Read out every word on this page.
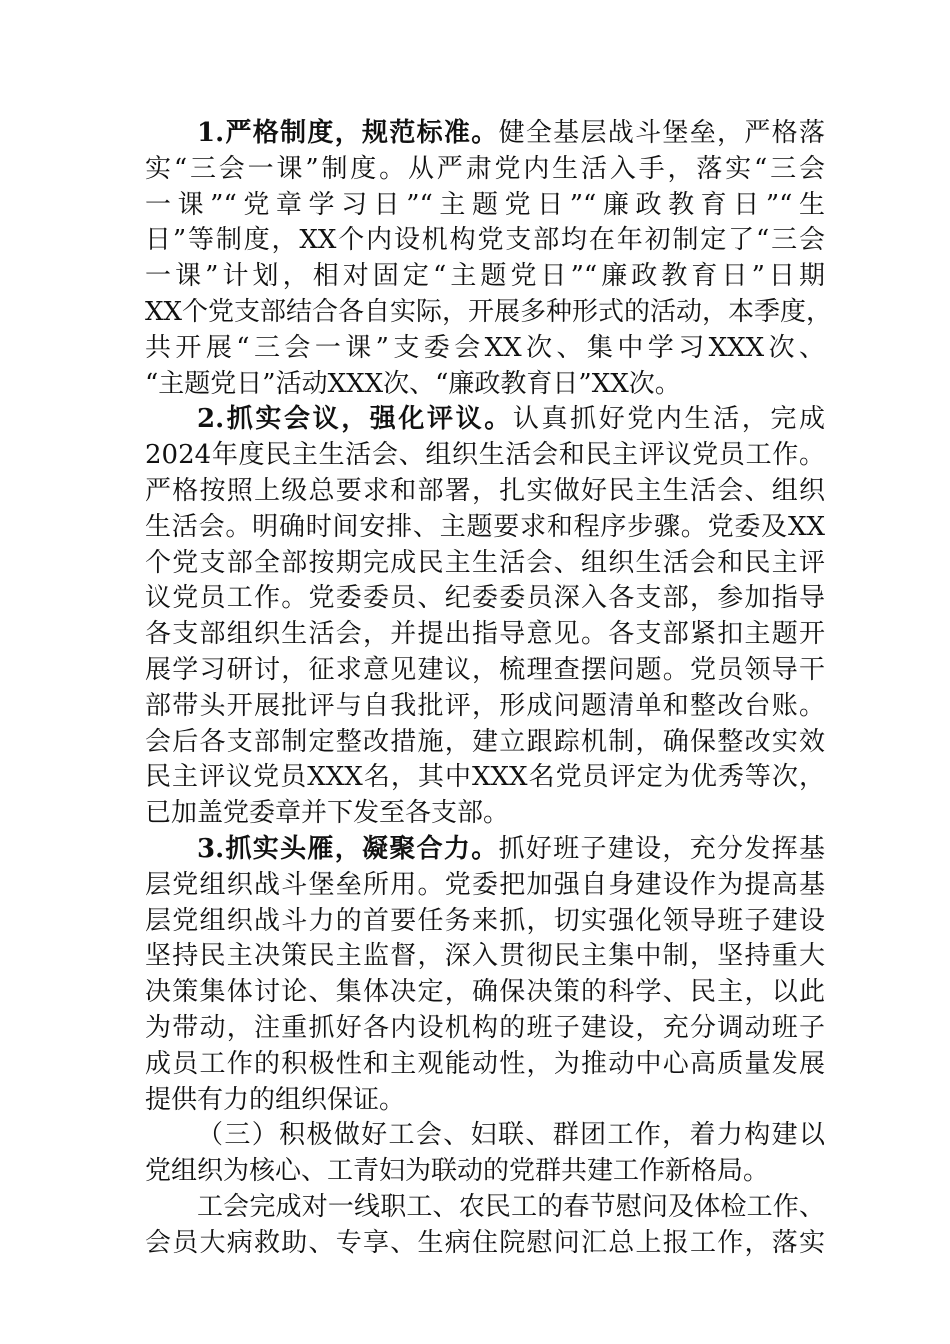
1.严格制度，规范标准。健全基层战斗堡垒，严格落
实“三会一课”制度。从严肃党内生活入手，落实“三会
一课”“党章学习日”“主题党日”“廉政教育日”“生
日”等制度，XX个内设机构党支部均在年初制定了“三会
一课”计划，相对固定“主题党日”“廉政教育日”日期
XX个党支部结合各自实际，开展多种形式的活动，本季度，
共开展“三会一课”支委会XX次、集中学习XXX次、
“主题党日”活动XXX次、“廉政教育日”XX次。
2.抓实会议，强化评议。认真抓好党内生活，完成
2024年度民主生活会、组织生活会和民主评议党员工作。
严格按照上级总要求和部署，扎实做好民主生活会、组织
生活会。明确时间安排、主题要求和程序步骤。党委及XX
个党支部全部按期完成民主生活会、组织生活会和民主评
议党员工作。党委委员、纪委委员深入各支部，参加指导
各支部组织生活会，并提出指导意见。各支部紧扣主题开
展学习研讨，征求意见建议，梳理查摆问题。党员领导干
部带头开展批评与自我批评，形成问题清单和整改台账。
会后各支部制定整改措施，建立跟踪机制，确保整改实效
民主评议党员XXX名，其中XXX名党员评定为优秀等次，
已加盖党委章并下发至各支部。
3.抓实头雁，凝聚合力。抓好班子建设，充分发挥基
层党组织战斗堡垒所用。党委把加强自身建设作为提高基
层党组织战斗力的首要任务来抓，切实强化领导班子建设
坚持民主决策民主监督，深入贯彻民主集中制，坚持重大
决策集体讨论、集体决定，确保决策的科学、民主，以此
为带动，注重抓好各内设机构的班子建设，充分调动班子
成员工作的积极性和主观能动性，为推动中心高质量发展
提供有力的组织保证。
（三）积极做好工会、妇联、群团工作，着力构建以
党组织为核心、工青妇为联动的党群共建工作新格局。
工会完成对一线职工、农民工的春节慰问及体检工作、
会员大病救助、专享、生病住院慰问汇总上报工作，落实
